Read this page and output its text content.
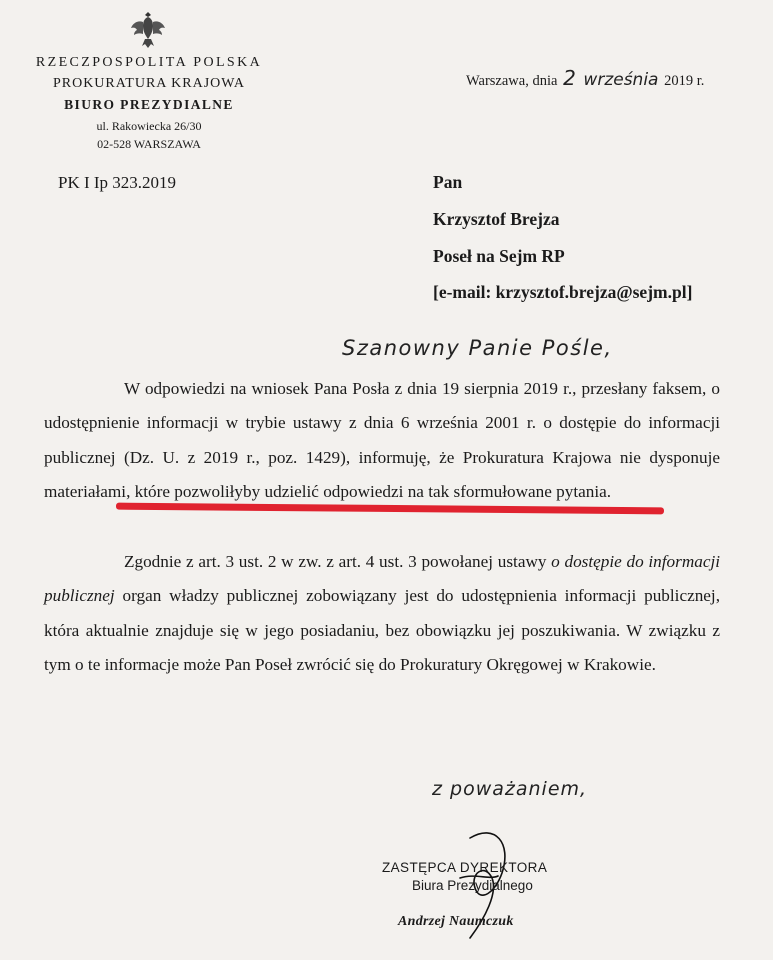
RZECZPOSPOLITA POLSKA
PROKURATURA KRAJOWA
BIURO PREZYDIALNE
ul. Rakowiecka 26/30
02-528 WARSZAWA
PK I Ip 323.2019
Warszawa, dnia 2 września 2019 r.
Pan
Krzysztof Brejza
Poseł na Sejm RP
[e-mail: krzysztof.brejza@sejm.pl]
Szanowny Panie Pośle,
W odpowiedzi na wniosek Pana Posła z dnia 19 sierpnia 2019 r., przesłany faksem, o udostępnienie informacji w trybie ustawy z dnia 6 września 2001 r. o dostępie do informacji publicznej (Dz. U. z 2019 r., poz. 1429), informuję, że Prokuratura Krajowa nie dysponuje materiałami, które pozwoliłyby udzielić odpowiedzi na tak sformułowane pytania.
Zgodnie z art. 3 ust. 2 w zw. z art. 4 ust. 3 powołanej ustawy o dostępie do informacji publicznej organ władzy publicznej zobowiązany jest do udostępnienia informacji publicznej, która aktualnie znajduje się w jego posiadaniu, bez obowiązku jej poszukiwania. W związku z tym o te informacje może Pan Poseł zwrócić się do Prokuratury Okręgowej w Krakowie.
z poważaniem,
ZASTĘPCA DYREKTORA
Biura Prezydialnego
Andrzej Naumczuk
